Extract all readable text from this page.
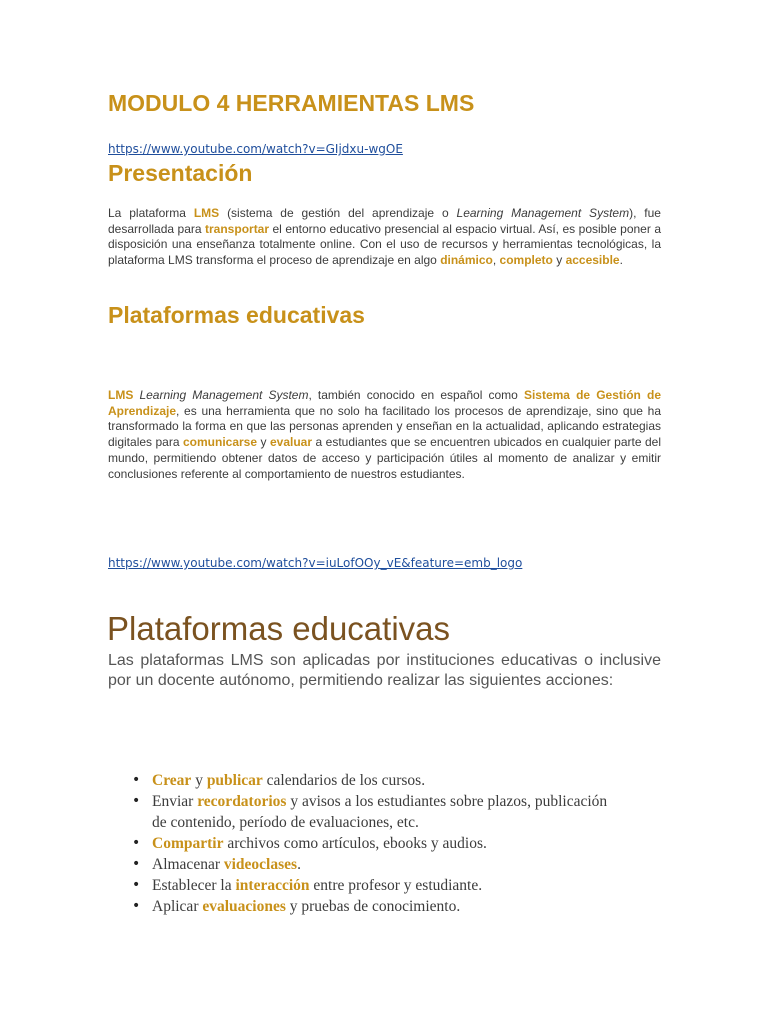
MODULO 4 HERRAMIENTAS LMS
https://www.youtube.com/watch?v=GIjdxu-wgOE
Presentación

La plataforma LMS (sistema de gestión del aprendizaje o Learning Management System), fue desarrollada para transportar el entorno educativo presencial al espacio virtual. Así, es posible poner a disposición una enseñanza totalmente online. Con el uso de recursos y herramientas tecnológicas, la plataforma LMS transforma el proceso de aprendizaje en algo dinámico, completo y accesible.

Plataformas educativas

LMS Learning Management System, también conocido en español como Sistema de Gestión de Aprendizaje, es una herramienta que no solo ha facilitado los procesos de aprendizaje, sino que ha transformado la forma en que las personas aprenden y enseñan en la actualidad, aplicando estrategias digitales para comunicarse y evaluar a estudiantes que se encuentren ubicados en cualquier parte del mundo, permitiendo obtener datos de acceso y participación útiles al momento de analizar y emitir conclusiones referente al comportamiento de nuestros estudiantes.

https://www.youtube.com/watch?v=iuLofOOy_vE&feature=emb_logo
Plataformas educativas

Las plataformas LMS son aplicadas por instituciones educativas o inclusive por un docente autónomo, permitiendo realizar las siguientes acciones:

• Crear y publicar calendarios de los cursos.
• Enviar recordatorios y avisos a los estudiantes sobre plazos, publicación
de contenido, período de evaluaciones, etc.
• Compartir archivos como artículos, ebooks y audios.
• Almacenar videoclases.
• Establecer la interacción entre profesor y estudiante.
• Aplicar evaluaciones y pruebas de conocimiento.
